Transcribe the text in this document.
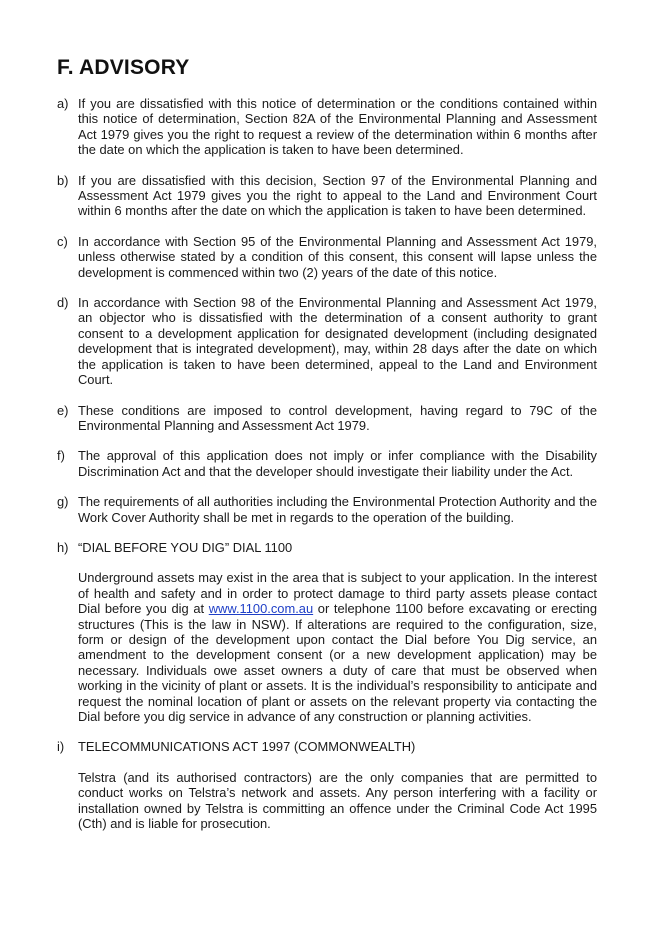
F. ADVISORY
a) If you are dissatisfied with this notice of determination or the conditions contained within this notice of determination, Section 82A of the Environmental Planning and Assessment Act 1979 gives you the right to request a review of the determination within 6 months after the date on which the application is taken to have been determined.

b) If you are dissatisfied with this decision, Section 97 of the Environmental Planning and Assessment Act 1979 gives you the right to appeal to the Land and Environment Court within 6 months after the date on which the application is taken to have been determined.

c) In accordance with Section 95 of the Environmental Planning and Assessment Act 1979, unless otherwise stated by a condition of this consent, this consent will lapse unless the development is commenced within two (2) years of the date of this notice.

d) In accordance with Section 98 of the Environmental Planning and Assessment Act 1979, an objector who is dissatisfied with the determination of a consent authority to grant consent to a development application for designated development (including designated development that is integrated development), may, within 28 days after the date on which the application is taken to have been determined, appeal to the Land and Environment Court.

e) These conditions are imposed to control development, having regard to 79C of the Environmental Planning and Assessment Act 1979.

f)	The approval of this application does not imply or infer compliance with the Disability Discrimination Act and that the developer should investigate their liability under the Act.

g) The requirements of all authorities including the Environmental Protection Authority and the Work Cover Authority shall be met in regards to the operation of the building.

h) “DIAL BEFORE YOU DIG” DIAL 1100

Underground assets may exist in the area that is subject to your application. In the interest of health and safety and in order to protect damage to third party assets please contact Dial before you dig at www.1100.com.au or telephone 1100 before excavating or erecting structures (This is the law in NSW). If alterations are required to the configuration, size, form or design of the development upon contact the Dial before You Dig service, an amendment to the development consent (or a new development application) may be necessary. Individuals owe asset owners a duty of care that must be observed when working in the vicinity of plant or assets. It is the individual’s responsibility to anticipate and request the nominal location of plant or assets on the relevant property via contacting the Dial before you dig service in advance of any construction or planning activities.

i)	TELECOMMUNICATIONS ACT 1997 (COMMONWEALTH)

Telstra (and its authorised contractors) are the only companies that are permitted to conduct works on Telstra’s network and assets. Any person interfering with a facility or installation owned by Telstra is committing an offence under the Criminal Code Act 1995 (Cth) and is liable for prosecution.
